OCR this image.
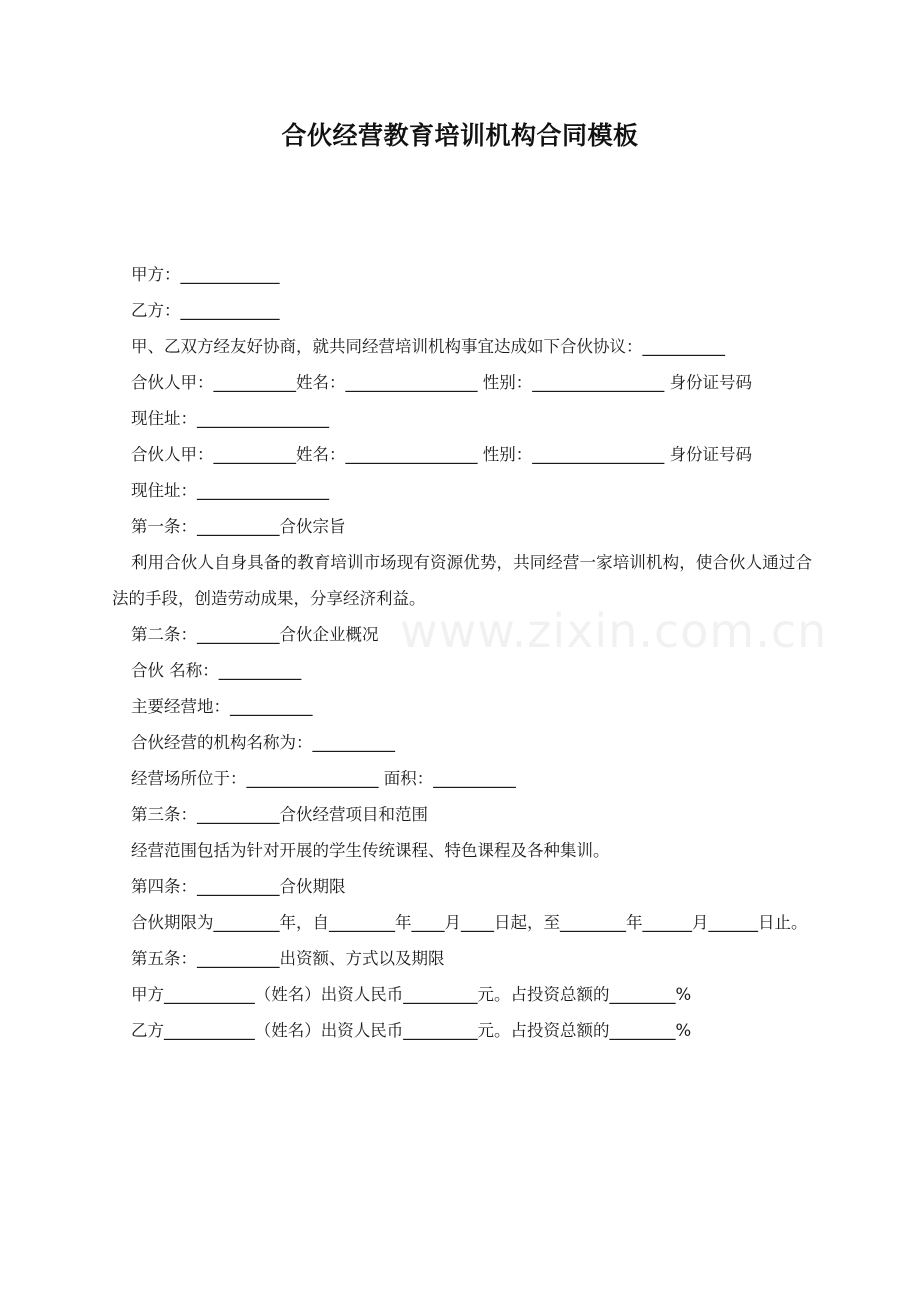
www.zixin.com.cn
合伙经营教育培训机构合同模板
甲方：____________
乙方：____________
甲、乙双方经友好协商，就共同经营培训机构事宜达成如下合伙协议：__________
合伙人甲：__________姓名：________________ 性别：________________ 身份证号码
现住址：________________
合伙人甲：__________姓名：________________ 性别：________________ 身份证号码
现住址：________________
第一条：__________合伙宗旨
利用合伙人自身具备的教育培训市场现有资源优势，共同经营一家培训机构，使合伙人通过合法的手段，创造劳动成果，分享经济利益。
第二条：__________合伙企业概况
合伙 名称：__________
主要经营地：__________
合伙经营的机构名称为：__________
经营场所位于：________________ 面积：__________
第三条：__________合伙经营项目和范围
经营范围包括为针对开展的学生传统课程、特色课程及各种集训。
第四条：__________合伙期限
合伙期限为________年，自________年____月____日起，至________年______月______日止。
第五条：__________出资额、方式以及期限
甲方___________（姓名）出资人民币_________元。占投资总额的________%
乙方___________（姓名）出资人民币_________元。占投资总额的________%
